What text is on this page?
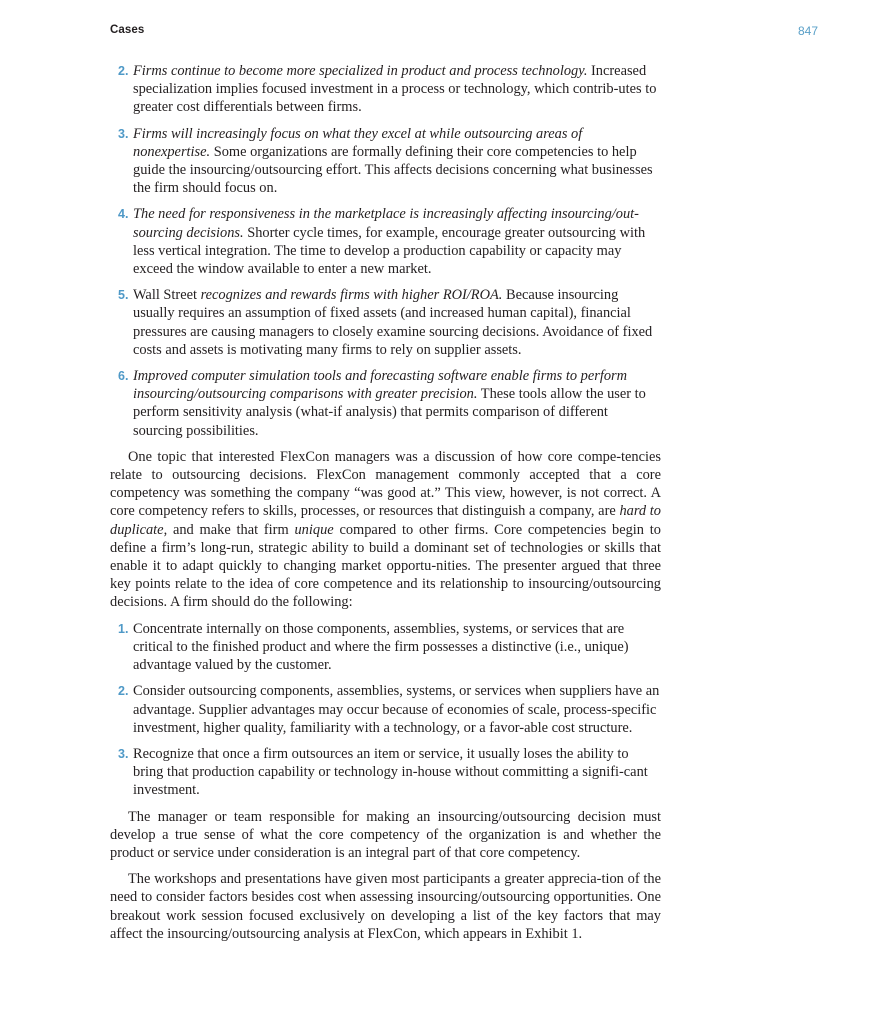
Cases	847
2. Firms continue to become more specialized in product and process technology. Increased specialization implies focused investment in a process or technology, which contrib-utes to greater cost differentials between firms.
3. Firms will increasingly focus on what they excel at while outsourcing areas of nonexpertise. Some organizations are formally defining their core competencies to help guide the insourcing/outsourcing effort. This affects decisions concerning what businesses the firm should focus on.
4. The need for responsiveness in the marketplace is increasingly affecting insourcing/out-sourcing decisions. Shorter cycle times, for example, encourage greater outsourcing with less vertical integration. The time to develop a production capability or capacity may exceed the window available to enter a new market.
5. Wall Street recognizes and rewards firms with higher ROI/ROA. Because insourcing usually requires an assumption of fixed assets (and increased human capital), financial pressures are causing managers to closely examine sourcing decisions. Avoidance of fixed costs and assets is motivating many firms to rely on supplier assets.
6. Improved computer simulation tools and forecasting software enable firms to perform insourcing/outsourcing comparisons with greater precision. These tools allow the user to perform sensitivity analysis (what-if analysis) that permits comparison of different sourcing possibilities.

One topic that interested FlexCon managers was a discussion of how core compe-tencies relate to outsourcing decisions. FlexCon management commonly accepted that a core competency was something the company “was good at.” This view, however, is not correct. A core competency refers to skills, processes, or resources that distinguish a company, are hard to duplicate, and make that firm unique compared to other firms. Core competencies begin to define a firm’s long-run, strategic ability to build a dominant set of technologies or skills that enable it to adapt quickly to changing market opportu-nities. The presenter argued that three key points relate to the idea of core competence and its relationship to insourcing/outsourcing decisions. A firm should do the following:

1. Concentrate internally on those components, assemblies, systems, or services that are critical to the finished product and where the firm possesses a distinctive (i.e., unique) advantage valued by the customer.
2. Consider outsourcing components, assemblies, systems, or services when suppliers have an advantage. Supplier advantages may occur because of economies of scale, process-specific investment, higher quality, familiarity with a technology, or a favor-able cost structure.
3. Recognize that once a firm outsources an item or service, it usually loses the ability to bring that production capability or technology in-house without committing a signifi-cant investment.

The manager or team responsible for making an insourcing/outsourcing decision must develop a true sense of what the core competency of the organization is and whether the product or service under consideration is an integral part of that core competency.

The workshops and presentations have given most participants a greater apprecia-tion of the need to consider factors besides cost when assessing insourcing/outsourcing opportunities. One breakout work session focused exclusively on developing a list of the key factors that may affect the insourcing/outsourcing analysis at FlexCon, which appears in Exhibit 1.
